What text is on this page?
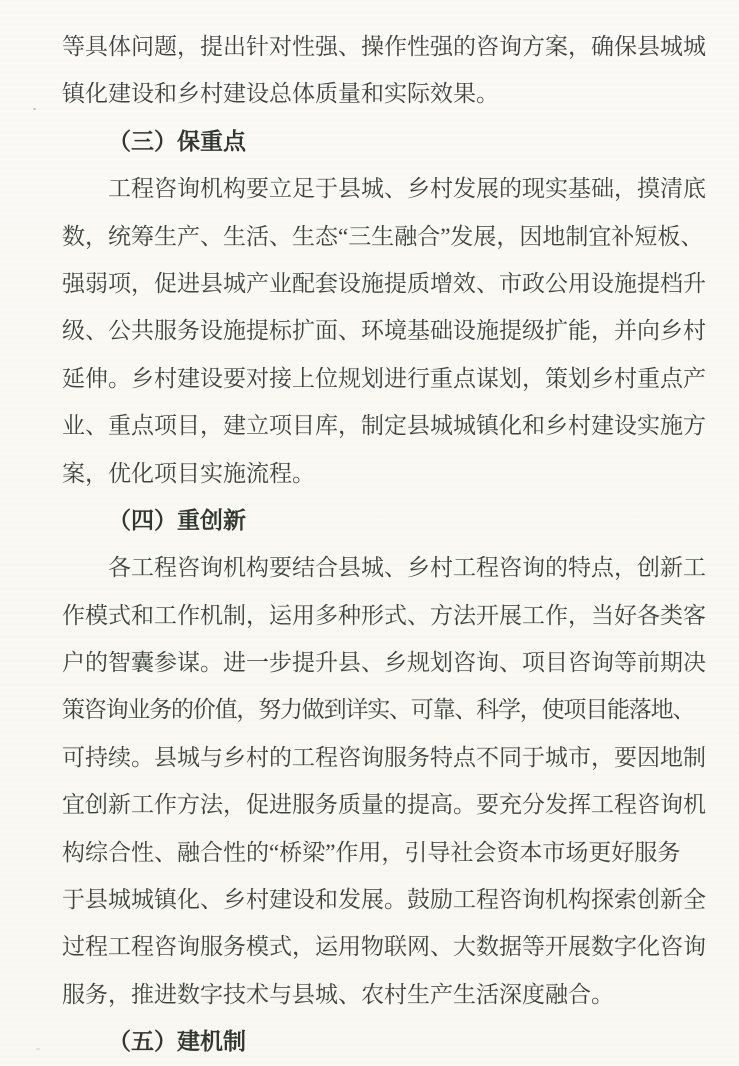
等具体问题，提出针对性强、操作性强的咨询方案，确保县城城
镇化建设和乡村建设总体质量和实际效果。
（三）保重点
工程咨询机构要立足于县城、乡村发展的现实基础，摸清底
数，统筹生产、生活、生态“三生融合”发展，因地制宜补短板、
强弱项，促进县城产业配套设施提质增效、市政公用设施提档升
级、公共服务设施提标扩面、环境基础设施提级扩能，并向乡村
延伸。乡村建设要对接上位规划进行重点谋划，策划乡村重点产
业、重点项目，建立项目库，制定县城城镇化和乡村建设实施方
案，优化项目实施流程。
（四）重创新
各工程咨询机构要结合县城、乡村工程咨询的特点，创新工
作模式和工作机制，运用多种形式、方法开展工作，当好各类客
户的智囊参谋。进一步提升县、乡规划咨询、项目咨询等前期决
策咨询业务的价值，努力做到详实、可靠、科学，使项目能落地、
可持续。县城与乡村的工程咨询服务特点不同于城市，要因地制
宜创新工作方法，促进服务质量的提高。要充分发挥工程咨询机
构综合性、融合性的“桥梁”作用，引导社会资本市场更好服务
于县城城镇化、乡村建设和发展。鼓励工程咨询机构探索创新全
过程工程咨询服务模式，运用物联网、大数据等开展数字化咨询
服务，推进数字技术与县城、农村生产生活深度融合。
（五）建机制
